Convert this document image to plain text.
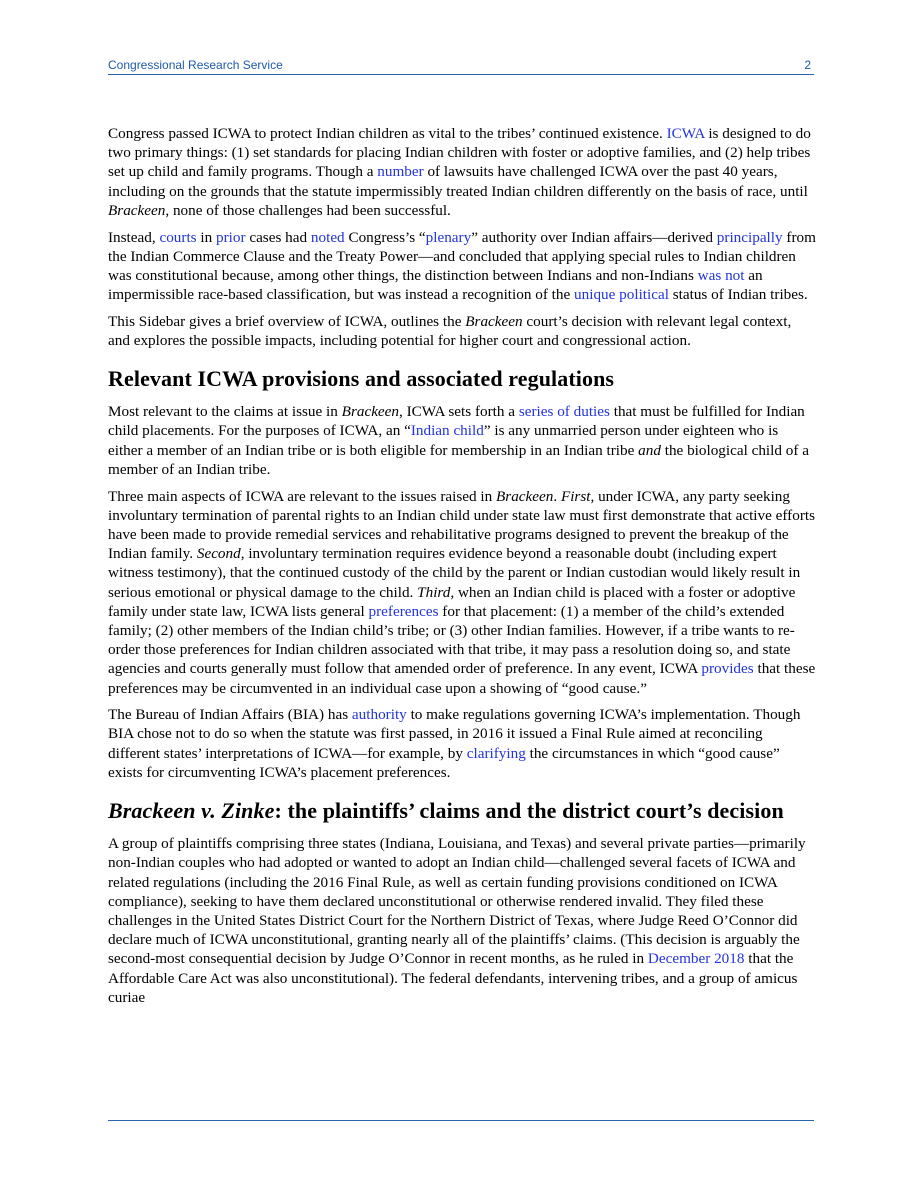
Congressional Research Service	2

Congress passed ICWA to protect Indian children as vital to the tribes’ continued existence. ICWA is designed to do two primary things: (1) set standards for placing Indian children with foster or adoptive families, and (2) help tribes set up child and family programs. Though a number of lawsuits have challenged ICWA over the past 40 years, including on the grounds that the statute impermissibly treated Indian children differently on the basis of race, until Brackeen, none of those challenges had been successful.

Instead, courts in prior cases had noted Congress’s “plenary” authority over Indian affairs—derived principally from the Indian Commerce Clause and the Treaty Power—and concluded that applying special rules to Indian children was constitutional because, among other things, the distinction between Indians and non-Indians was not an impermissible race-based classification, but was instead a recognition of the unique political status of Indian tribes.

This Sidebar gives a brief overview of ICWA, outlines the Brackeen court’s decision with relevant legal context, and explores the possible impacts, including potential for higher court and congressional action.

Relevant ICWA provisions and associated regulations

Most relevant to the claims at issue in Brackeen, ICWA sets forth a series of duties that must be fulfilled for Indian child placements. For the purposes of ICWA, an “Indian child” is any unmarried person under eighteen who is either a member of an Indian tribe or is both eligible for membership in an Indian tribe and the biological child of a member of an Indian tribe.

Three main aspects of ICWA are relevant to the issues raised in Brackeen. First, under ICWA, any party seeking involuntary termination of parental rights to an Indian child under state law must first demonstrate that active efforts have been made to provide remedial services and rehabilitative programs designed to prevent the breakup of the Indian family. Second, involuntary termination requires evidence beyond a reasonable doubt (including expert witness testimony), that the continued custody of the child by the parent or Indian custodian would likely result in serious emotional or physical damage to the child. Third, when an Indian child is placed with a foster or adoptive family under state law, ICWA lists general preferences for that placement: (1) a member of the child’s extended family; (2) other members of the Indian child’s tribe; or (3) other Indian families. However, if a tribe wants to re-order those preferences for Indian children associated with that tribe, it may pass a resolution doing so, and state agencies and courts generally must follow that amended order of preference. In any event, ICWA provides that these preferences may be circumvented in an individual case upon a showing of “good cause.”

The Bureau of Indian Affairs (BIA) has authority to make regulations governing ICWA’s implementation. Though BIA chose not to do so when the statute was first passed, in 2016 it issued a Final Rule aimed at reconciling different states’ interpretations of ICWA—for example, by clarifying the circumstances in which “good cause” exists for circumventing ICWA’s placement preferences.

Brackeen v. Zinke: the plaintiffs’ claims and the district court’s decision

A group of plaintiffs comprising three states (Indiana, Louisiana, and Texas) and several private parties—primarily non-Indian couples who had adopted or wanted to adopt an Indian child—challenged several facets of ICWA and related regulations (including the 2016 Final Rule, as well as certain funding provisions conditioned on ICWA compliance), seeking to have them declared unconstitutional or otherwise rendered invalid. They filed these challenges in the United States District Court for the Northern District of Texas, where Judge Reed O’Connor did declare much of ICWA unconstitutional, granting nearly all of the plaintiffs’ claims. (This decision is arguably the second-most consequential decision by Judge O’Connor in recent months, as he ruled in December 2018 that the Affordable Care Act was also unconstitutional). The federal defendants, intervening tribes, and a group of amicus curiae
